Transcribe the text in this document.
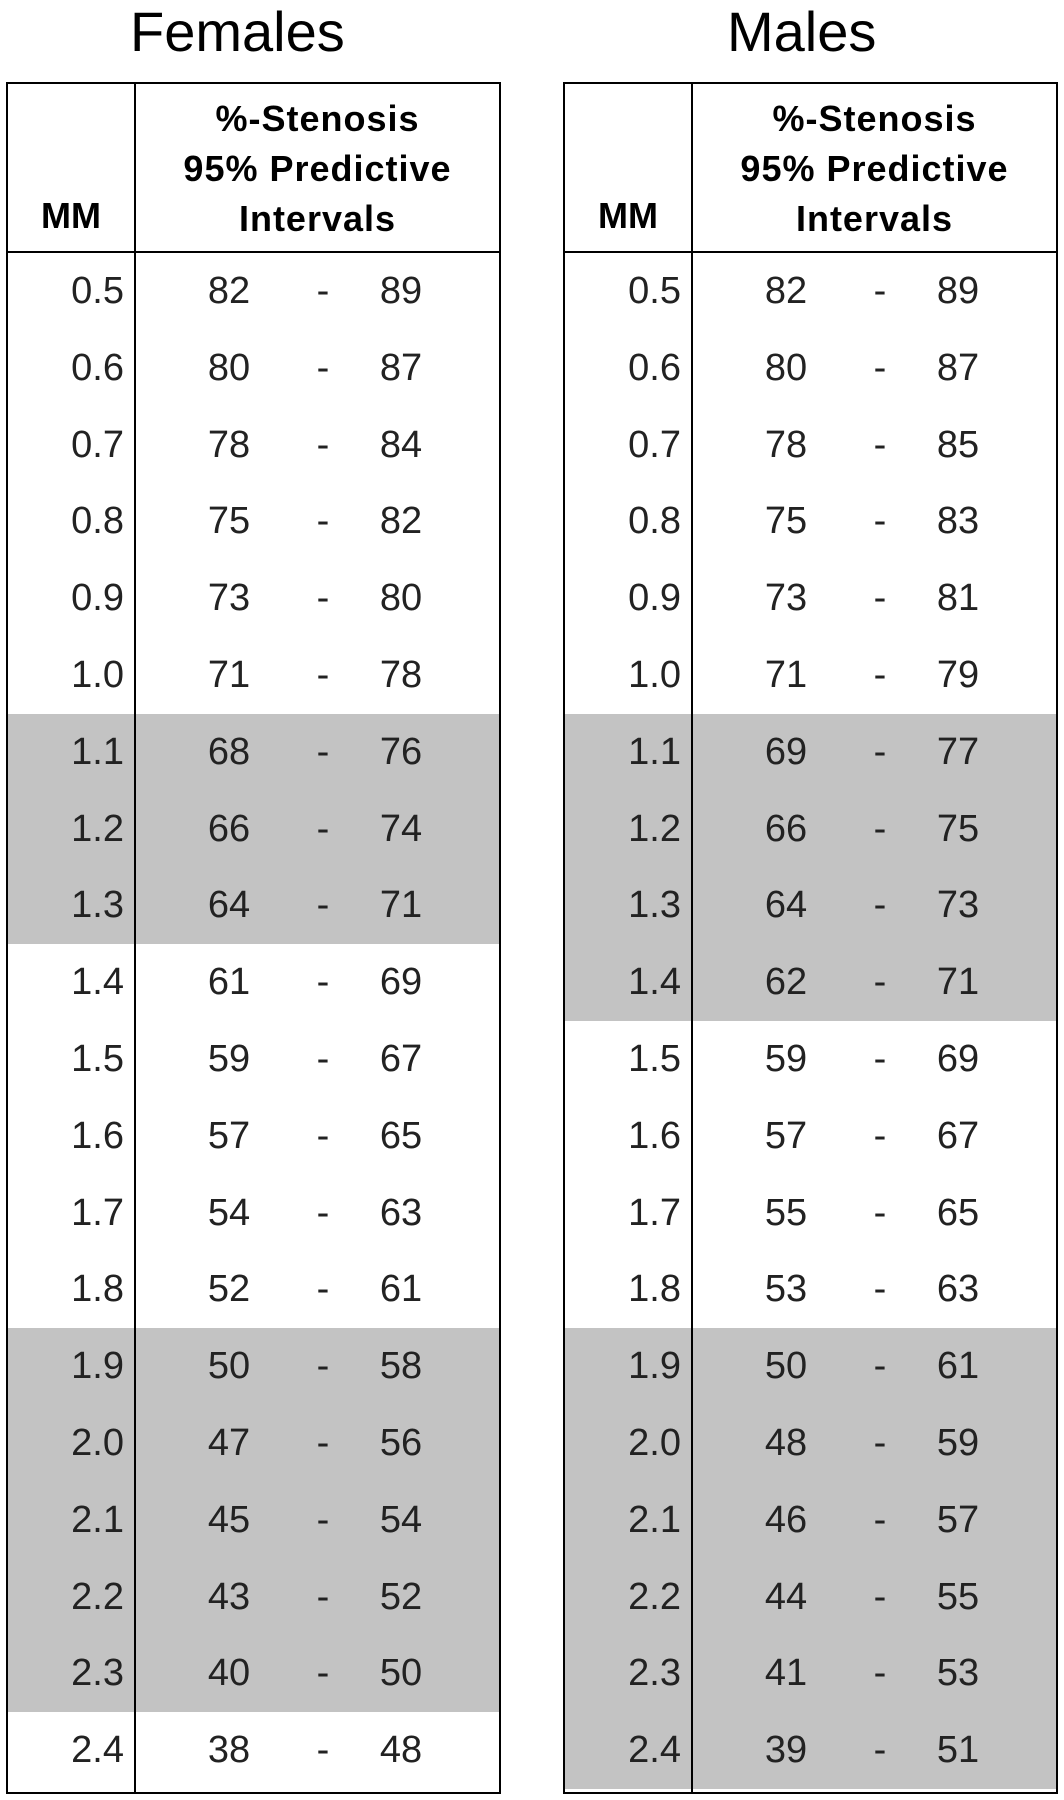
Females
MM
%-Stenosis
95% Predictive
Intervals
0.5	82	-	89
0.6	80	-	87
0.7	78	-	84
0.8	75	-	82
0.9	73	-	80
1.0	71	-	78
1.1	68	-	76
1.2	66	-	74
1.3	64	-	71
1.4	61	-	69
1.5	59	-	67
1.6	57	-	65
1.7	54	-	63
1.8	52	-	61
1.9	50	-	58
2.0	47	-	56
2.1	45	-	54
2.2	43	-	52
2.3	40	-	50
2.4	38	-	48
Males
MM
%-Stenosis
95% Predictive
Intervals
0.5	82	-	89
0.6	80	-	87
0.7	78	-	85
0.8	75	-	83
0.9	73	-	81
1.0	71	-	79
1.1	69	-	77
1.2	66	-	75
1.3	64	-	73
1.4	62	-	71
1.5	59	-	69
1.6	57	-	67
1.7	55	-	65
1.8	53	-	63
1.9	50	-	61
2.0	48	-	59
2.1	46	-	57
2.2	44	-	55
2.3	41	-	53
2.4	39	-	51
